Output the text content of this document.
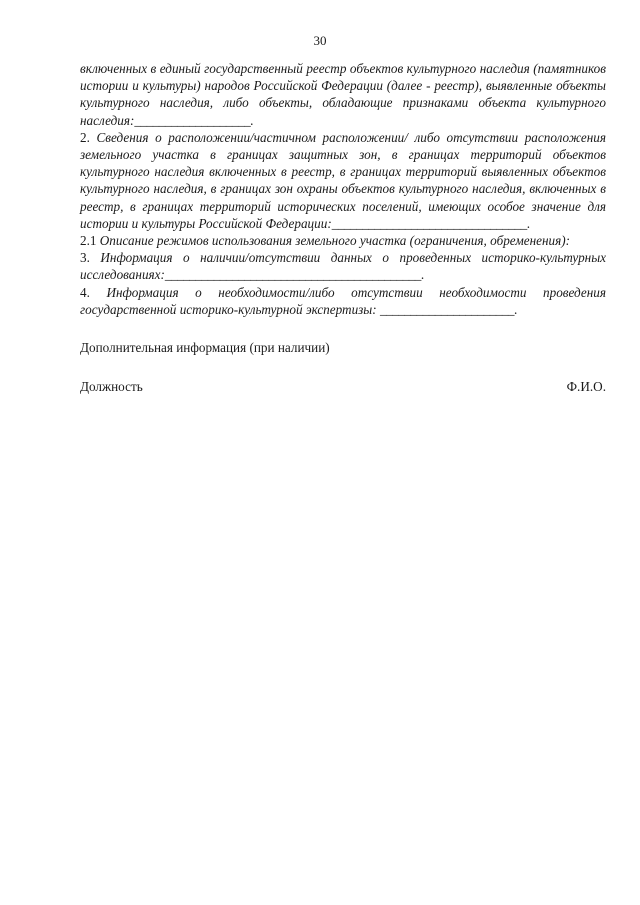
30

включенных в единый государственный реестр объектов культурного наследия (памятников истории и культуры) народов Российской Федерации (далее - реестр), выявленные объекты культурного наследия, либо объекты, обладающие признаками объекта культурного наследия:___________________.

2. Сведения о расположении/частичном расположении/ либо отсутствии расположения земельного участка в границах защитных зон, в границах территорий объектов культурного наследия включенных в реестр, в границах территорий выявленных объектов культурного наследия, в границах зон охраны объектов культурного наследия, включенных в реестр, в границах территорий исторических поселений, имеющих особое значение для истории и культуры Российской Федерации:________________________________.

2.1 Описание режимов использования земельного участка (ограничения, обременения):

3. Информация о наличии/отсутствии данных о проведенных историко-культурных исследованиях:__________________________________________.

4. Информация о необходимости/либо отсутствии необходимости проведения государственной историко-культурной экспертизы: ______________________.

Дополнительная информация (при наличии)
Должность	Ф.И.О.
